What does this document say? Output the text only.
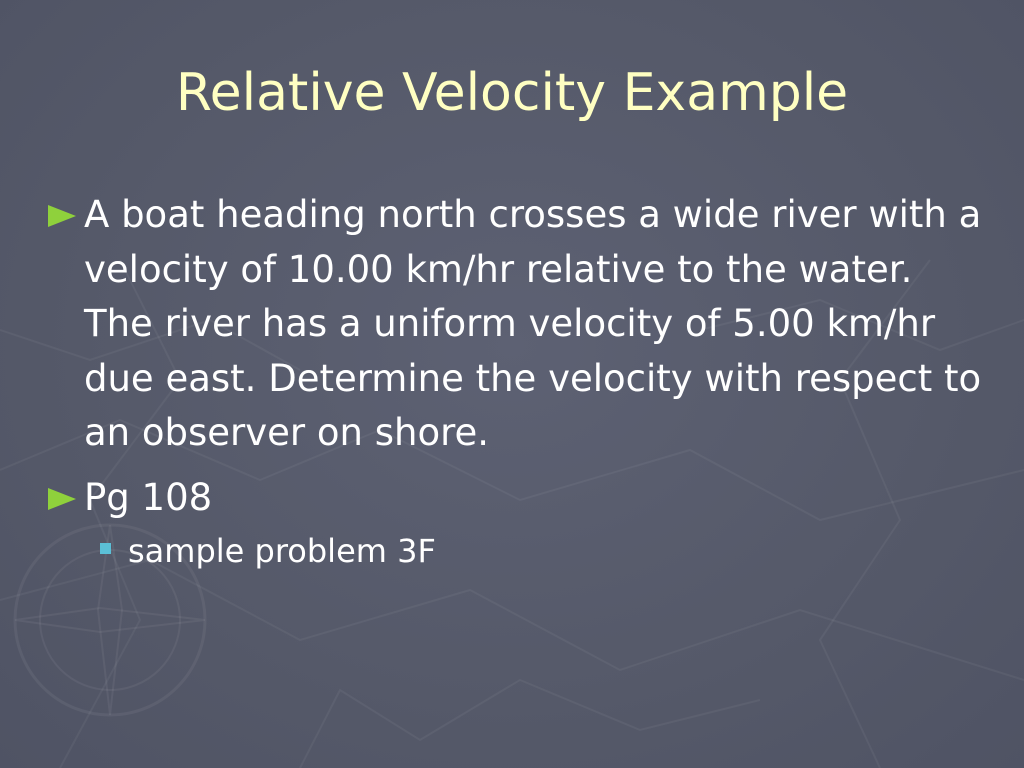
Relative Velocity Example
A boat heading north crosses a wide river with a velocity of 10.00 km/hr relative to the water. The river has a uniform velocity of 5.00 km/hr due east. Determine the velocity with respect to an observer on shore.
Pg 108
sample problem 3F
